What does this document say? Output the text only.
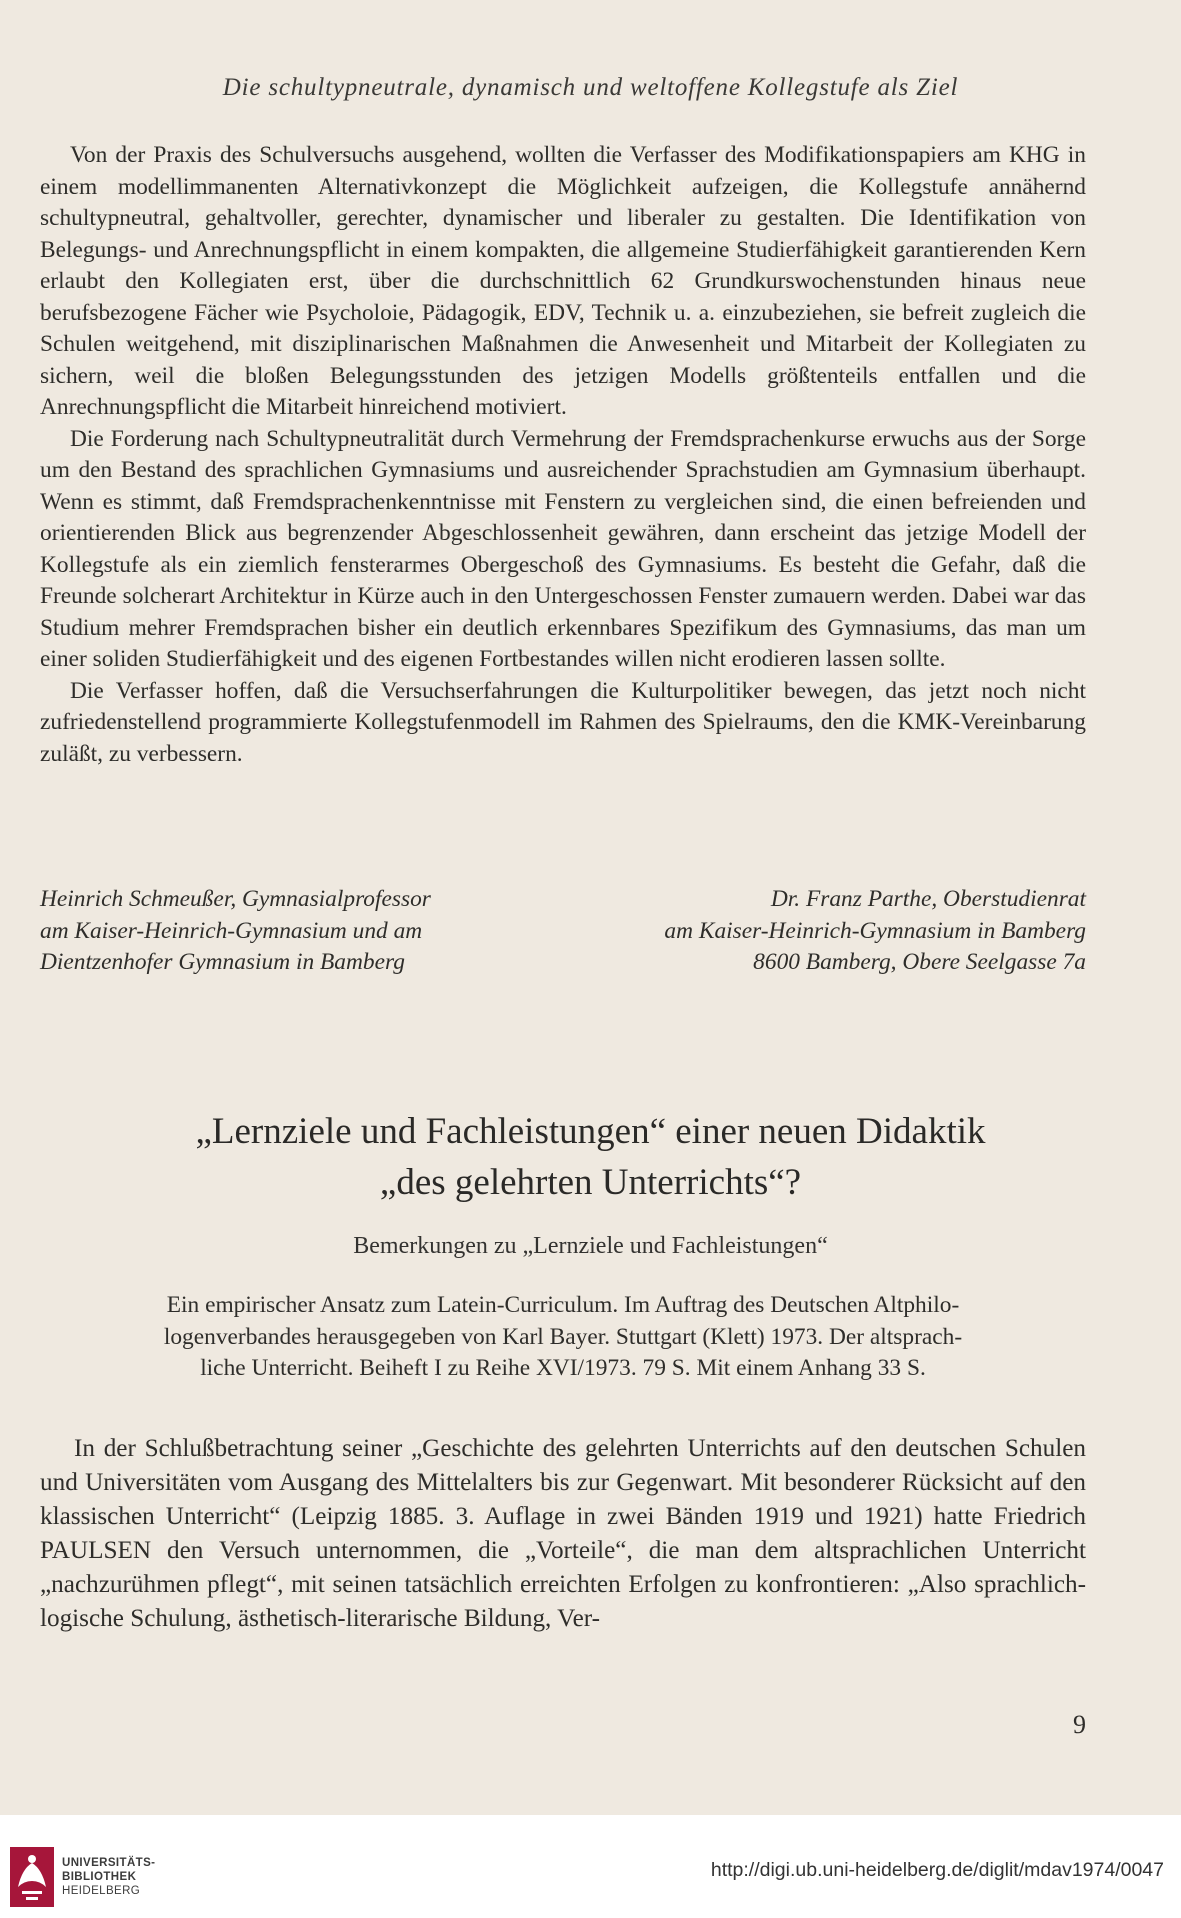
Die schultypneutrale, dynamisch und weltoffene Kollegstufe als Ziel

Von der Praxis des Schulversuchs ausgehend, wollten die Verfasser des Modifikationspapiers am KHG in einem modellimmanenten Alternativkonzept die Möglichkeit aufzeigen, die Kollegstufe annähernd schultypneutral, gehaltvoller, gerechter, dynamischer und liberaler zu gestalten. Die Identifikation von Belegungs- und Anrechnungspflicht in einem kompakten, die allgemeine Studierfähigkeit garantierenden Kern erlaubt den Kollegiaten erst, über die durchschnittlich 62 Grundkurswochenstunden hinaus neue berufsbezogene Fächer wie Psycholoie, Pädagogik, EDV, Technik u. a. einzubeziehen, sie befreit zugleich die Schulen weitgehend, mit disziplinarischen Maßnahmen die Anwesenheit und Mitarbeit der Kollegiaten zu sichern, weil die bloßen Belegungsstunden des jetzigen Modells größtenteils entfallen und die Anrechnungspflicht die Mitarbeit hinreichend motiviert.

Die Forderung nach Schultypneutralität durch Vermehrung der Fremdsprachenkurse erwuchs aus der Sorge um den Bestand des sprachlichen Gymnasiums und ausreichender Sprachstudien am Gymnasium überhaupt. Wenn es stimmt, daß Fremdsprachenkenntnisse mit Fenstern zu vergleichen sind, die einen befreienden und orientierenden Blick aus begrenzender Abgeschlossenheit gewähren, dann erscheint das jetzige Modell der Kollegstufe als ein ziemlich fensterarmes Obergeschoß des Gymnasiums. Es besteht die Gefahr, daß die Freunde solcherart Architektur in Kürze auch in den Untergeschossen Fenster zumauern werden. Dabei war das Studium mehrer Fremdsprachen bisher ein deutlich erkennbares Spezifikum des Gymnasiums, das man um einer soliden Studierfähigkeit und des eigenen Fortbestandes willen nicht erodieren lassen sollte.

Die Verfasser hoffen, daß die Versuchserfahrungen die Kulturpolitiker bewegen, das jetzt noch nicht zufriedenstellend programmierte Kollegstufenmodell im Rahmen des Spielraums, den die KMK-Vereinbarung zuläßt, zu verbessern.

Heinrich Schmeußer, Gymnasialprofessor
am Kaiser-Heinrich-Gymnasium und am
Dientzenhofer Gymnasium in Bamberg
Dr. Franz Parthe, Oberstudienrat
am Kaiser-Heinrich-Gymnasium in Bamberg
8600 Bamberg, Obere Seelgasse 7a
„Lernziele und Fachleistungen“ einer neuen Didaktik
„des gelehrten Unterrichts“?
Bemerkungen zu „Lernziele und Fachleistungen“
Ein empirischer Ansatz zum Latein-Curriculum. Im Auftrag des Deutschen Altphilo-
logenverbandes herausgegeben von Karl Bayer. Stuttgart (Klett) 1973. Der altsprach-
liche Unterricht. Beiheft I zu Reihe XVI/1973. 79 S. Mit einem Anhang 33 S.

In der Schlußbetrachtung seiner „Geschichte des gelehrten Unterrichts auf den deutschen Schulen und Universitäten vom Ausgang des Mittelalters bis zur Gegenwart. Mit besonderer Rücksicht auf den klassischen Unterricht“ (Leipzig 1885. 3. Auflage in zwei Bänden 1919 und 1921) hatte Friedrich PAULSEN den Versuch unternommen, die „Vorteile“, die man dem altsprachlichen Unterricht „nachzurühmen pflegt“, mit seinen tatsächlich erreichten Erfolgen zu konfrontieren: „Also sprachlich-logische Schulung, ästhetisch-literarische Bildung, Ver-

9
UNIVERSITÄTS-
BIBLIOTHEK
HEIDELBERG
http://digi.ub.uni-heidelberg.de/diglit/mdav1974/0047
